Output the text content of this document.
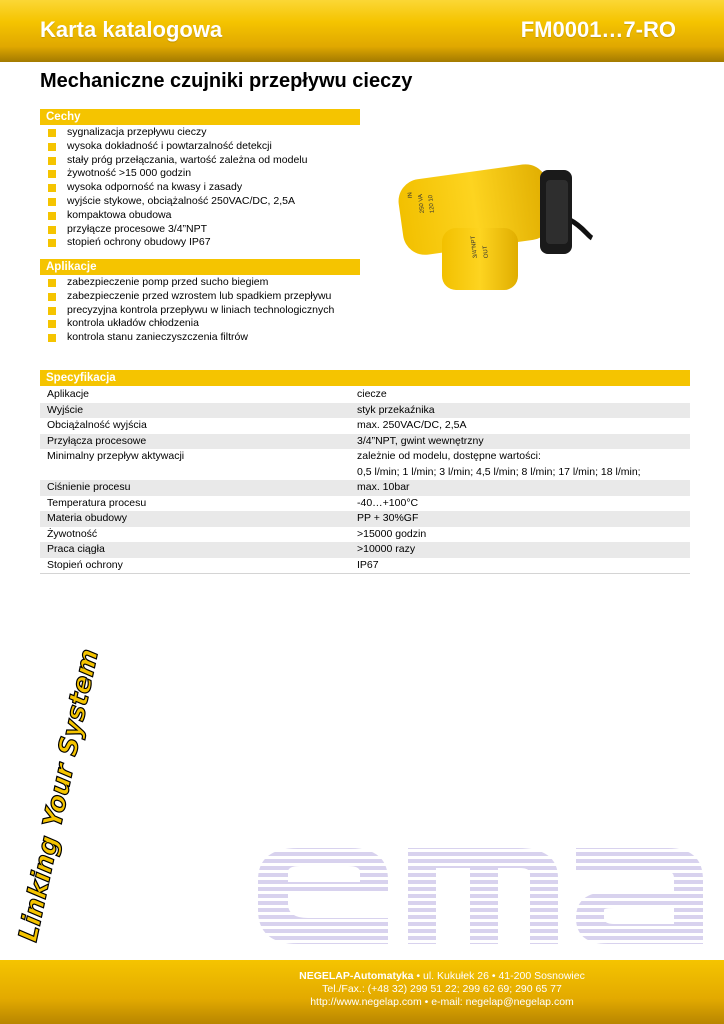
Karta katalogowa	FM0001…7-RO
Mechaniczne czujniki przepływu cieczy
Cechy
sygnalizacja przepływu cieczy
wysoka dokładność i powtarzalność detekcji
stały próg przełączania, wartość zależna od modelu
żywotność >15 000 godzin
wysoka odporność na kwasy i zasady
wyjście stykowe, obciążalność 250VAC/DC, 2,5A
kompaktowa obudowa
przyłącze procesowe 3/4”NPT
stopień ochrony obudowy IP67
Aplikacje
zabezpieczenie pomp przed sucho biegiem
zabezpieczenie przed wzrostem lub spadkiem przepływu
precyzyjna kontrola przepływu w liniach technologicznych
kontrola układów chłodzenia
kontrola stanu zanieczyszczenia filtrów
IN 250 VA 120 10
3/4"NPT OUT
Specyfikacja
Aplikacje	ciecze
Wyjście	styk przekaźnika
Obciążalność wyjścia	max. 250VAC/DC, 2,5A
Przyłącza procesowe	3/4”NPT, gwint wewnętrzny
Minimalny przepływ aktywacji	zależnie od modelu, dostępne wartości:
	0,5 l/min; 1 l/min; 3 l/min; 4,5 l/min; 8 l/min; 17 l/min; 18 l/min;
Ciśnienie procesu	max. 10bar
Temperatura procesu	-40…+100°C
Materia obudowy	PP + 30%GF
Żywotność	>15000 godzin
Praca ciągła	>10000 razy
Stopień ochrony	IP67
Linking Your System	ema
NEGELAP-Automatyka • ul. Kukułek 26 • 41-200 Sosnowiec
Tel./Fax.: (+48 32) 299 51 22; 299 62 69; 290 65 77
http://www.negelap.com • e-mail: negelap@negelap.com
